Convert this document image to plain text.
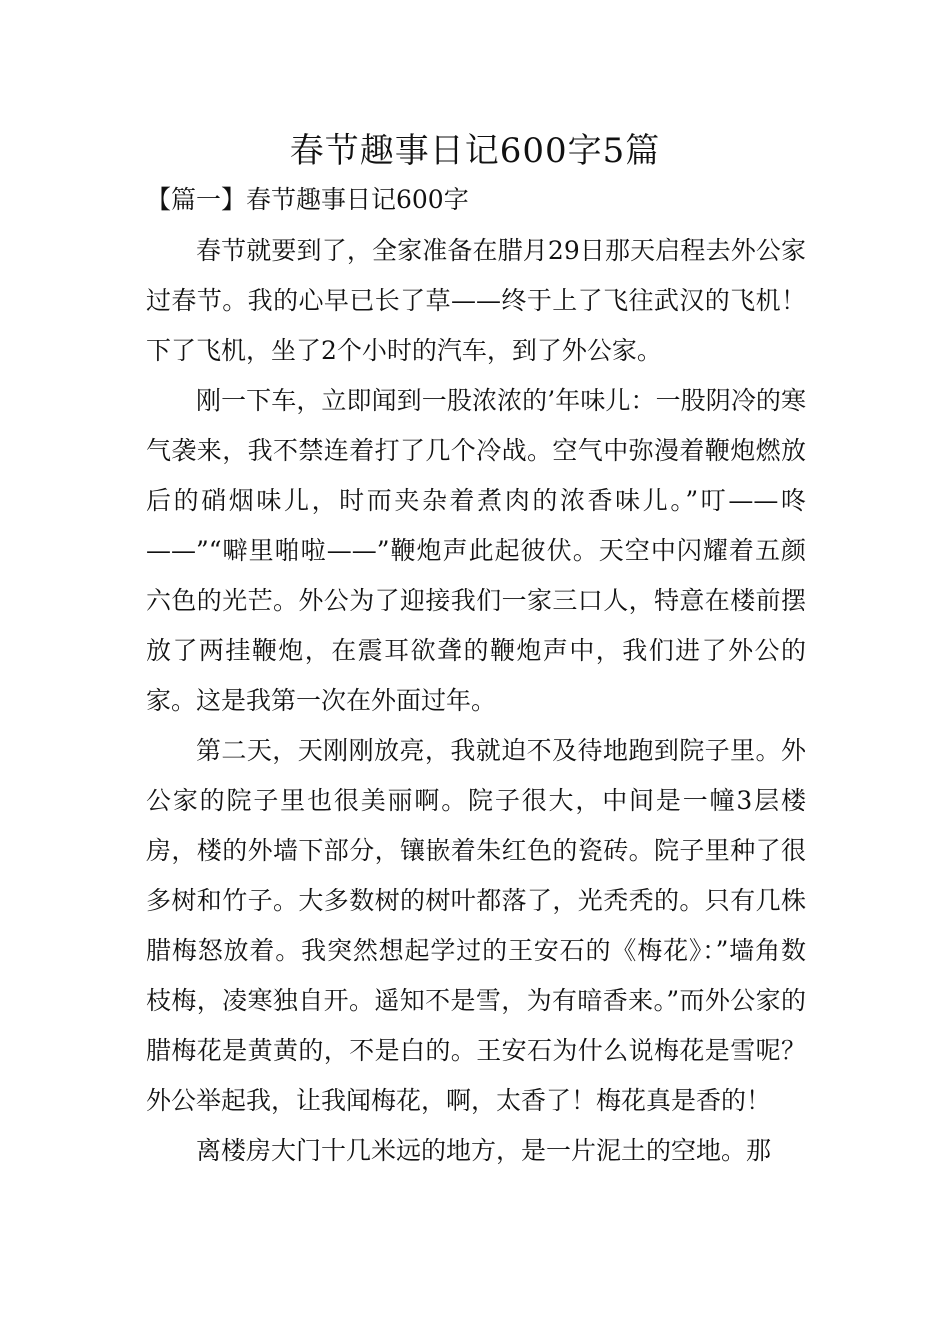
春节趣事日记600字5篇
【篇一】春节趣事日记600字

春节就要到了，全家准备在腊月29日那天启程去外公家过春节。我的心早已长了草——终于上了飞往武汉的飞机！下了飞机，坐了2个小时的汽车，到了外公家。

刚一下车，立即闻到一股浓浓的’年味儿：一股阴冷的寒气袭来，我不禁连着打了几个冷战。空气中弥漫着鞭炮燃放后的硝烟味儿，时而夹杂着煮肉的浓香味儿。”叮——咚——”“噼里啪啦——”鞭炮声此起彼伏。天空中闪耀着五颜六色的光芒。外公为了迎接我们一家三口人，特意在楼前摆放了两挂鞭炮，在震耳欲聋的鞭炮声中，我们进了外公的家。这是我第一次在外面过年。

第二天，天刚刚放亮，我就迫不及待地跑到院子里。外公家的院子里也很美丽啊。院子很大，中间是一幢3层楼房，楼的外墙下部分，镶嵌着朱红色的瓷砖。院子里种了很多树和竹子。大多数树的树叶都落了，光秃秃的。只有几株腊梅怒放着。我突然想起学过的王安石的《梅花》：”墙角数枝梅，凌寒独自开。遥知不是雪，为有暗香来。”而外公家的腊梅花是黄黄的，不是白的。王安石为什么说梅花是雪呢？外公举起我，让我闻梅花，啊，太香了！梅花真是香的！

离楼房大门十几米远的地方，是一片泥土的空地。那
